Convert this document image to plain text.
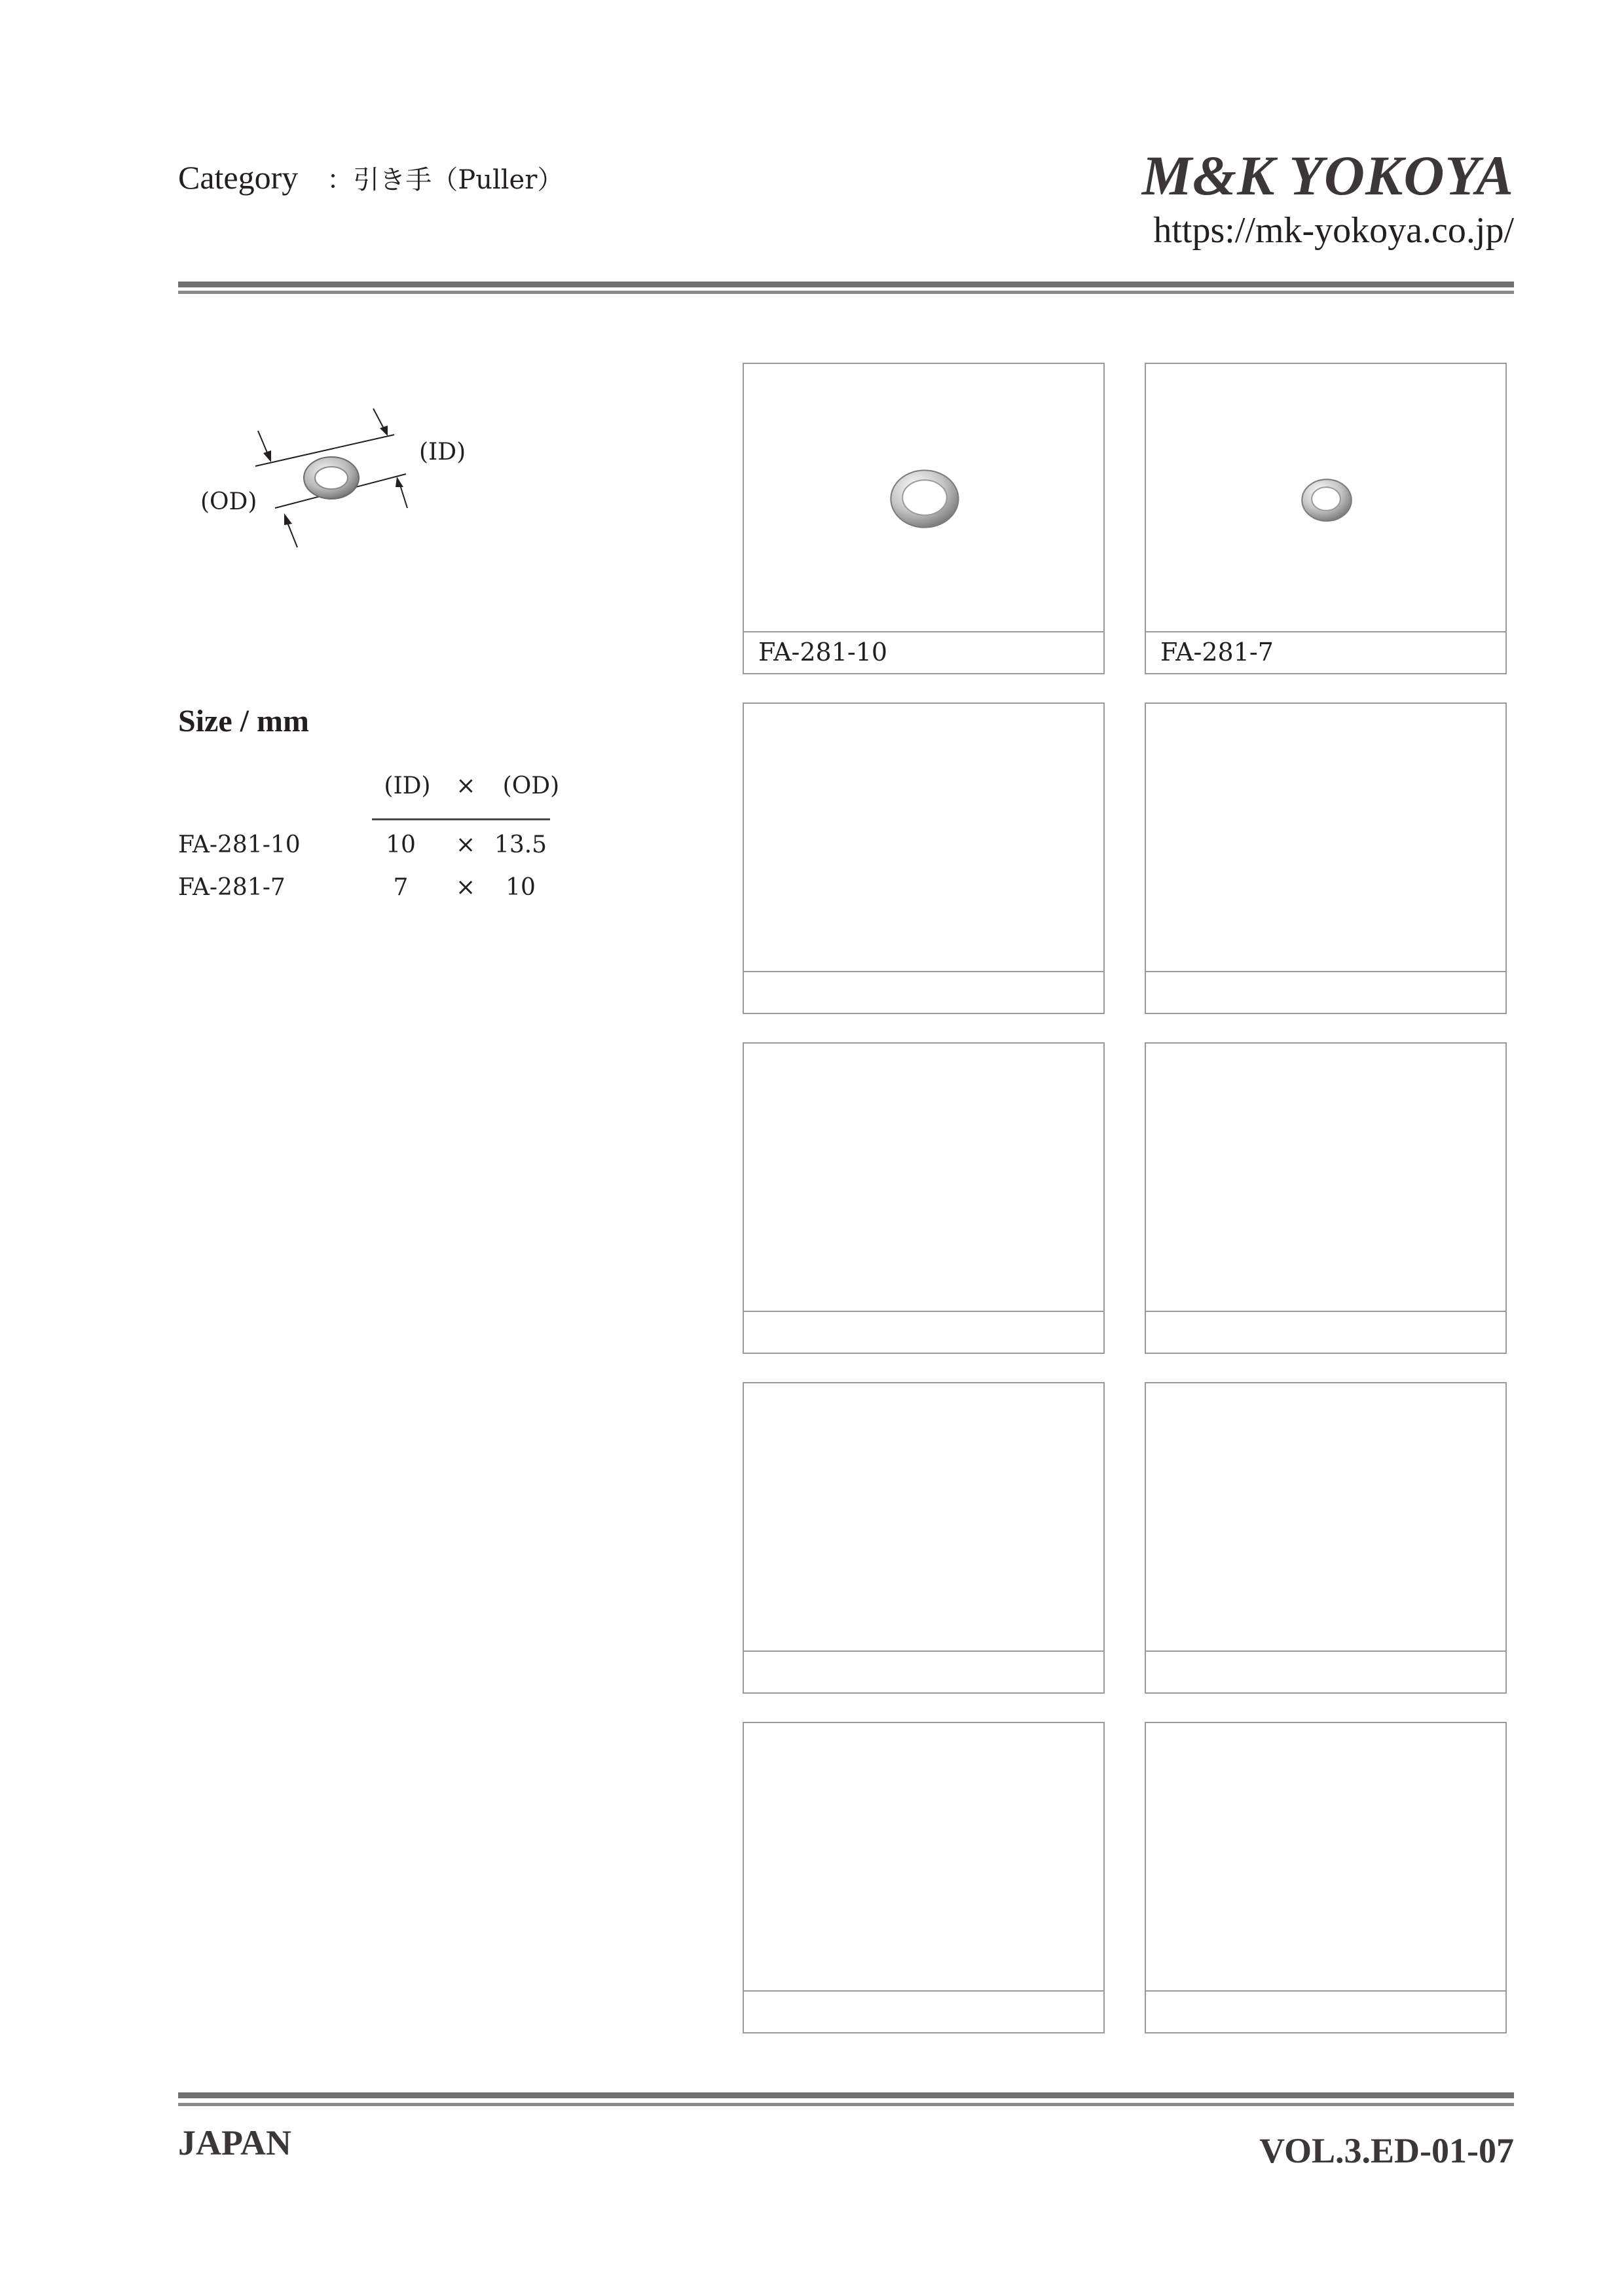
Category ：引き手（Puller）	M&K YOKOYA
https://mk-yokoya.co.jp/
(ID)
(OD)
Size / mm
(ID) × (OD)
FA-281-10	10	× 13.5
FA-281-7	7	×	10
FA-281-10	FA-281-7
JAPAN	VOL.3.ED-01-07
